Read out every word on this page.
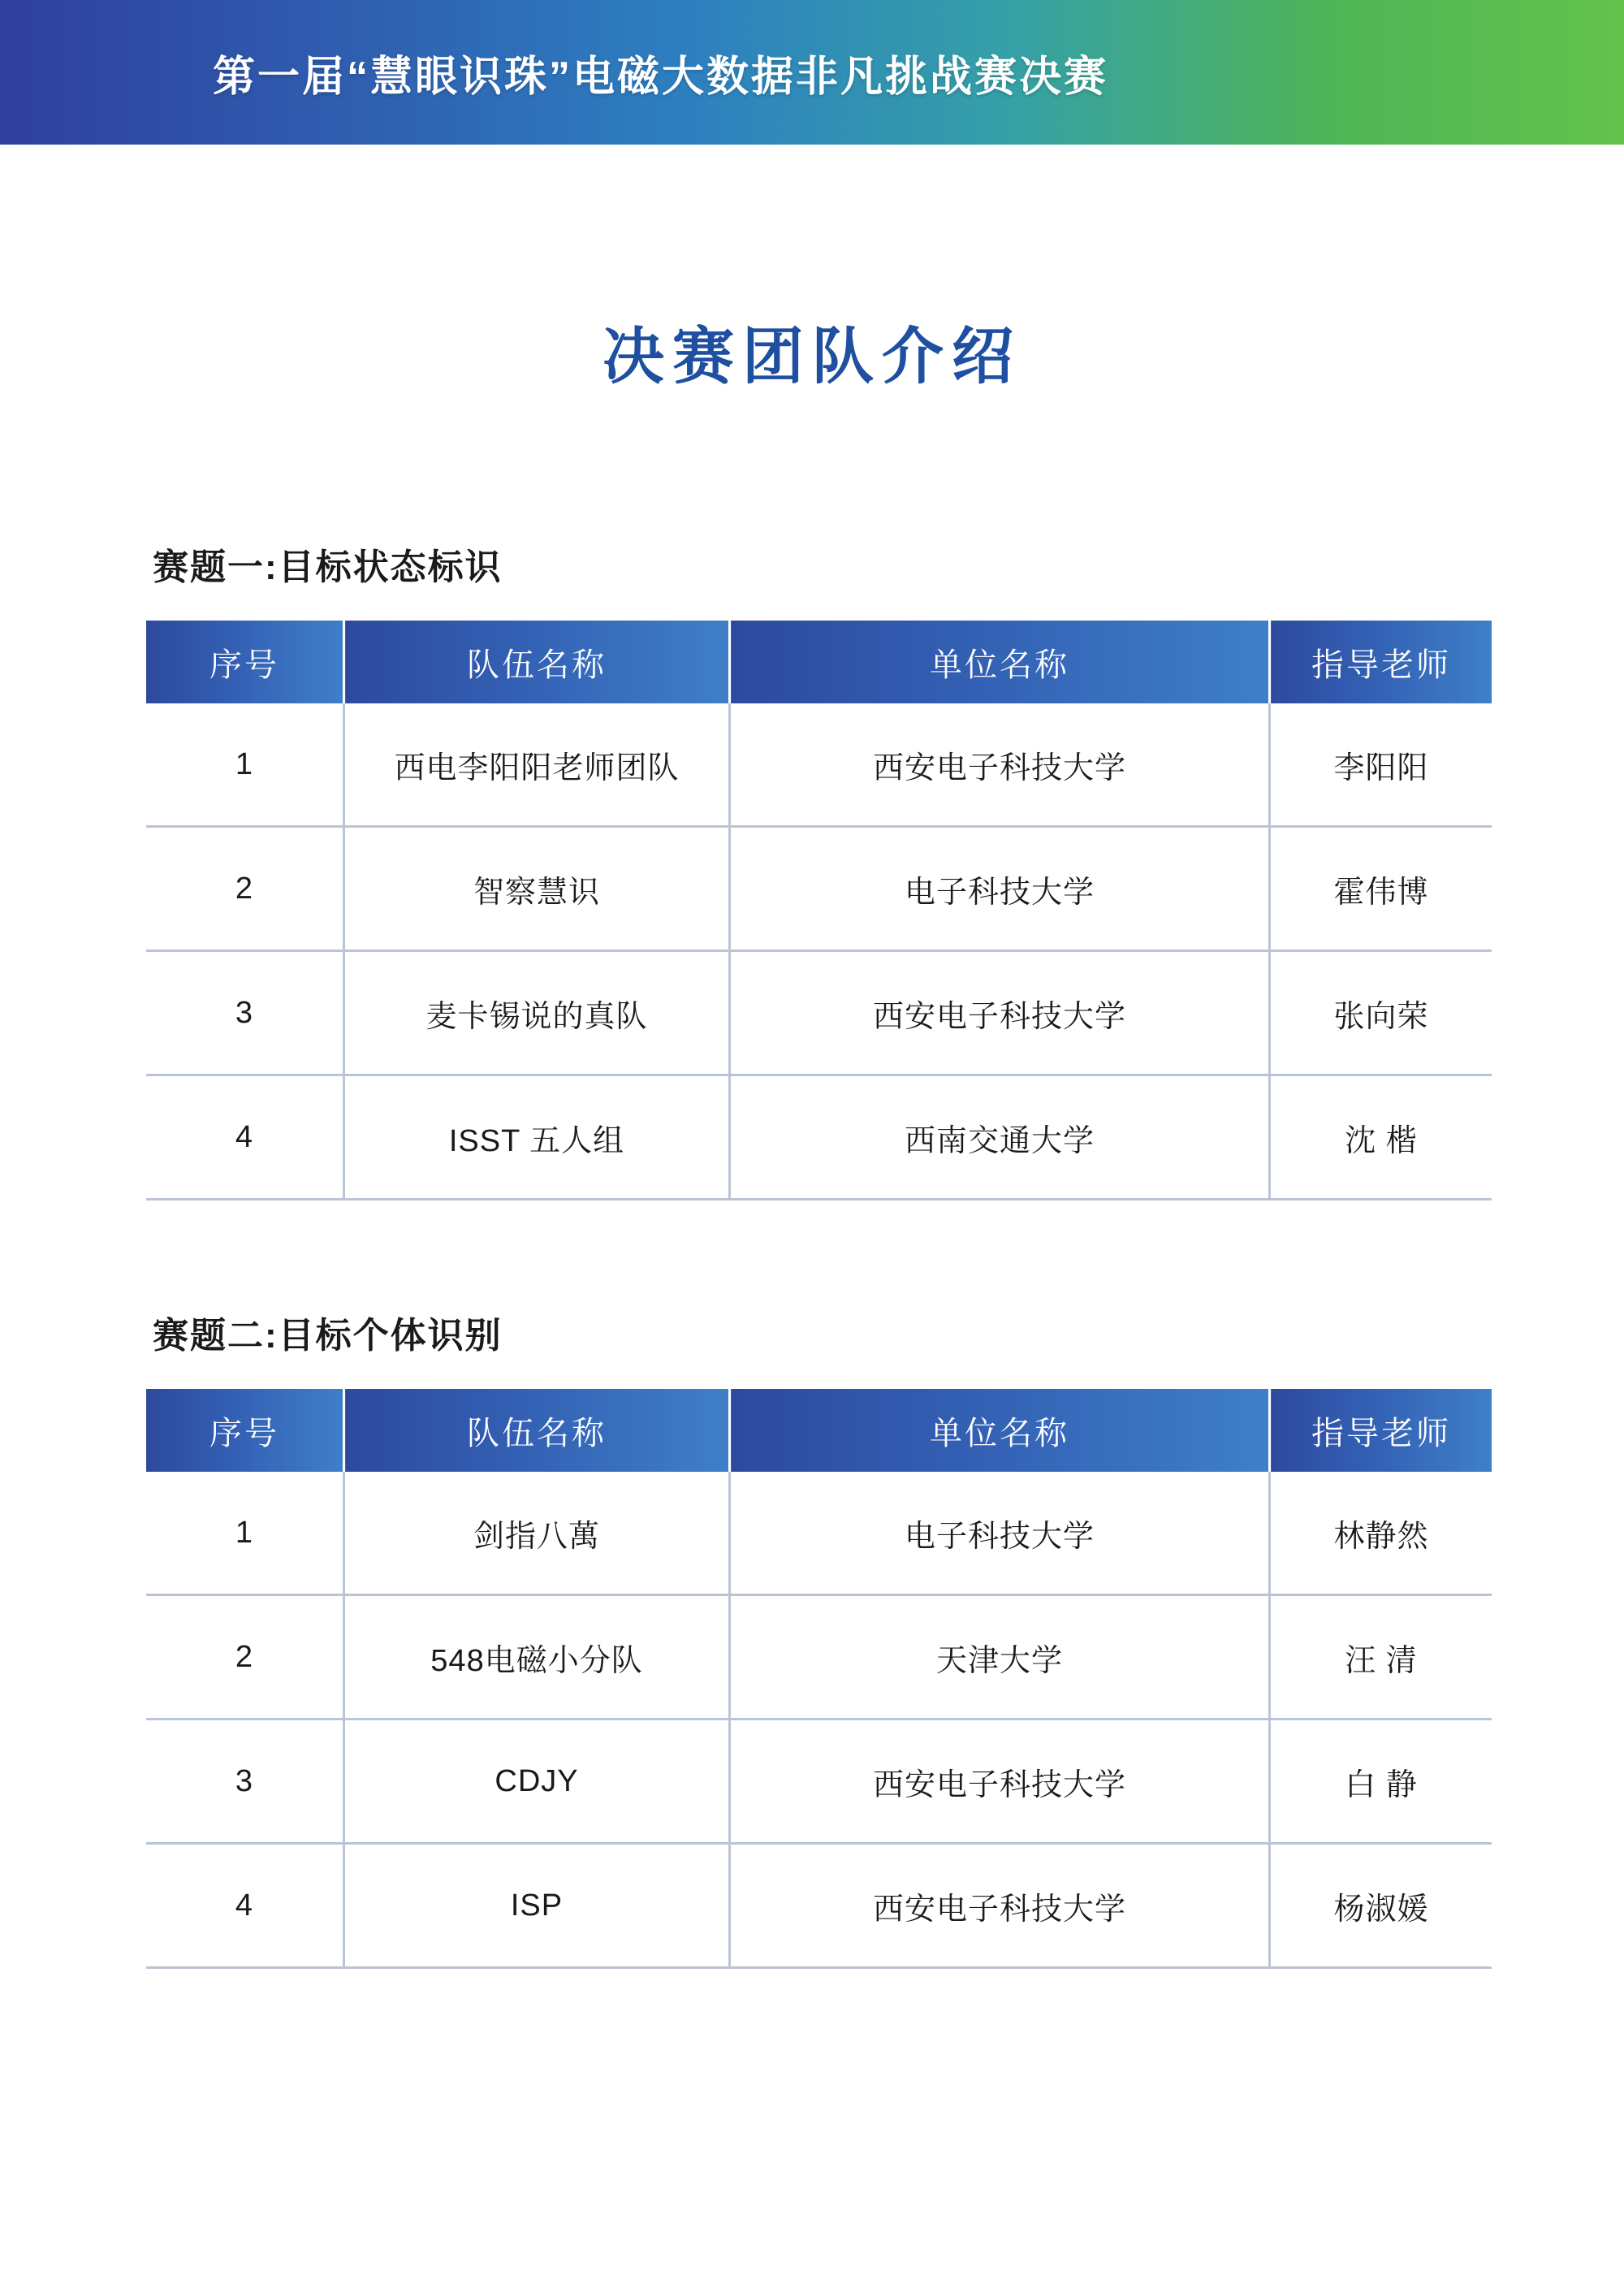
第一届“慧眼识珠”电磁大数据非凡挑战赛决赛
决赛团队介绍
赛题一:目标状态标识
序号	队伍名称	单位名称	指导老师
1	西电李阳阳老师团队	西安电子科技大学	李阳阳
2	智察慧识	电子科技大学	霍伟博
3	麦卡锡说的真队	西安电子科技大学	张向荣
4	ISST 五人组	西南交通大学	沈 楷
赛题二:目标个体识别
序号	队伍名称	单位名称	指导老师
1	剑指八萬	电子科技大学	林静然
2	548电磁小分队	天津大学	汪 清
3	CDJY	西安电子科技大学	白 静
4	ISP	西安电子科技大学	杨淑媛
